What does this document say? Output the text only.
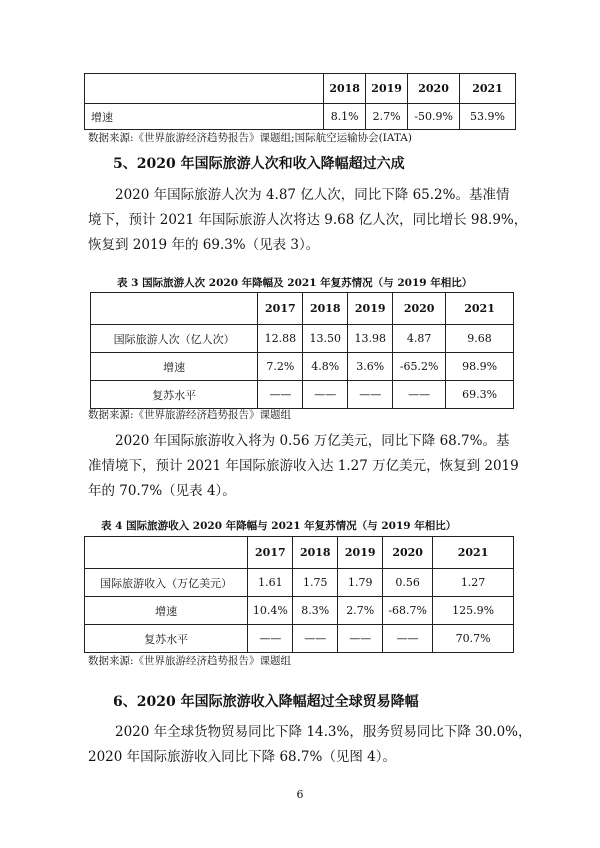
	2018	2019	2020	2021
增速	8.1%	2.7%	-50.9%	53.9%
数据来源:《世界旅游经济趋势报告》课题组;国际航空运输协会(IATA)
5、2020 年国际旅游人次和收入降幅超过六成
2020 年国际旅游人次为 4.87 亿人次，同比下降 65.2%。基准情
境下，预计 2021 年国际旅游人次将达 9.68 亿人次，同比增长 98.9%，
恢复到 2019 年的 69.3%（见表 3）。
表 3 国际旅游人次 2020 年降幅及 2021 年复苏情况（与 2019 年相比）
	2017	2018	2019	2020	2021
国际旅游人次（亿人次）	12.88	13.50	13.98	4.87	9.68
增速	7.2%	4.8%	3.6%	-65.2%	98.9%
复苏水平	——	——	——	——	69.3%
数据来源:《世界旅游经济趋势报告》课题组
2020 年国际旅游收入将为 0.56 万亿美元，同比下降 68.7%。基
准情境下，预计 2021 年国际旅游收入达 1.27 万亿美元，恢复到 2019
年的 70.7%（见表 4）。
表 4 国际旅游收入 2020 年降幅与 2021 年复苏情况（与 2019 年相比）
	2017	2018	2019	2020	2021
国际旅游收入（万亿美元）	1.61	1.75	1.79	0.56	1.27
增速	10.4%	8.3%	2.7%	-68.7%	125.9%
复苏水平	——	——	——	——	70.7%
数据来源:《世界旅游经济趋势报告》课题组
6、2020 年国际旅游收入降幅超过全球贸易降幅
2020 年全球货物贸易同比下降 14.3%，服务贸易同比下降 30.0%，
2020 年国际旅游收入同比下降 68.7%（见图 4）。
6
